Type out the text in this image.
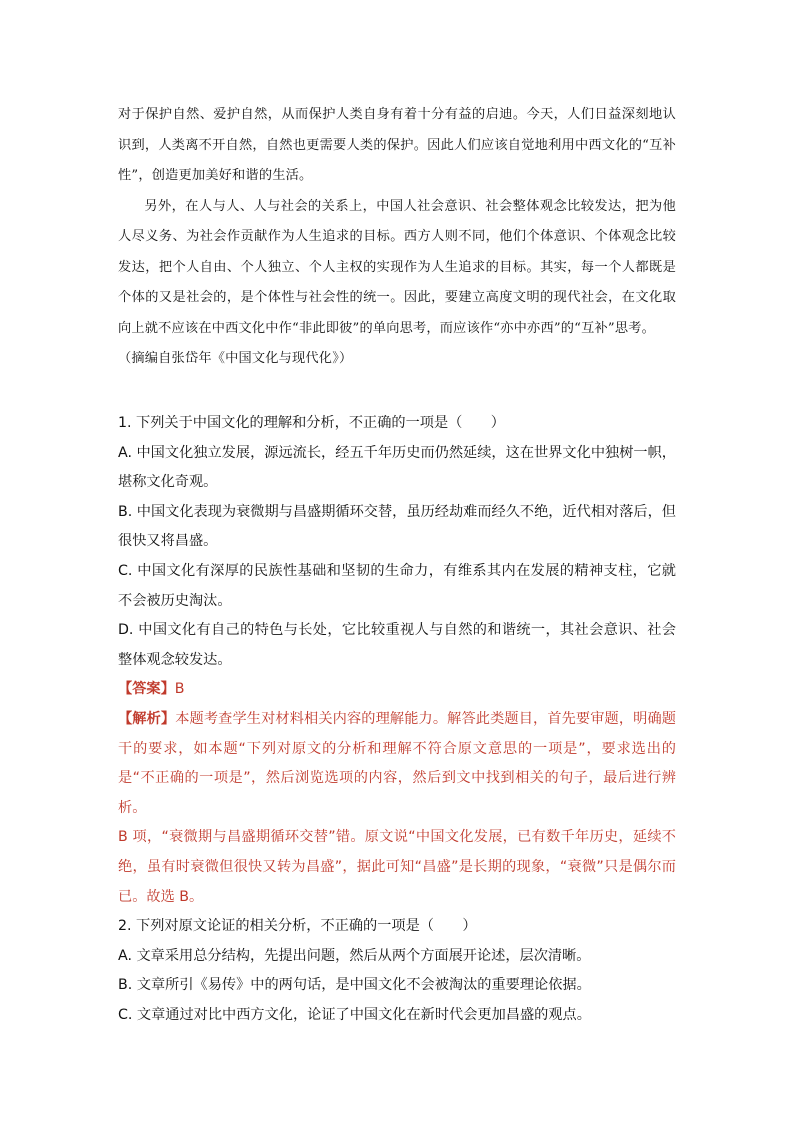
对于保护自然、爱护自然，从而保护人类自身有着十分有益的启迪。今天，人们日益深刻地认识到，人类离不开自然，自然也更需要人类的保护。因此人们应该自觉地利用中西文化的“互补性”，创造更加美好和谐的生活。

另外，在人与人、人与社会的关系上，中国人社会意识、社会整体观念比较发达，把为他人尽义务、为社会作贡献作为人生追求的目标。西方人则不同，他们个体意识、个体观念比较发达，把个人自由、个人独立、个人主权的实现作为人生追求的目标。其实，每一个人都既是个体的又是社会的，是个体性与社会性的统一。因此，要建立高度文明的现代社会，在文化取向上就不应该在中西文化中作“非此即彼”的单向思考，而应该作“亦中亦西”的“互补”思考。

（摘编自张岱年《中国文化与现代化》）

1. 下列关于中国文化的理解和分析，不正确的一项是（　　）

A. 中国文化独立发展，源远流长，经五千年历史而仍然延续，这在世界文化中独树一帜，堪称文化奇观。

B. 中国文化表现为衰微期与昌盛期循环交替，虽历经劫难而经久不绝，近代相对落后，但很快又将昌盛。

C. 中国文化有深厚的民族性基础和坚韧的生命力，有维系其内在发展的精神支柱，它就不会被历史淘汰。

D. 中国文化有自己的特色与长处，它比较重视人与自然的和谐统一，其社会意识、社会整体观念较发达。

【答案】B

【解析】本题考查学生对材料相关内容的理解能力。解答此类题目，首先要审题，明确题干的要求，如本题“下列对原文的分析和理解不符合原文意思的一项是”，要求选出的是“不正确的一项是”，然后浏览选项的内容，然后到文中找到相关的句子，最后进行辨析。

B 项，“衰微期与昌盛期循环交替”错。原文说“中国文化发展，已有数千年历史，延续不绝，虽有时衰微但很快又转为昌盛”，据此可知“昌盛”是长期的现象，“衰微”只是偶尔而已。故选 B。

2. 下列对原文论证的相关分析，不正确的一项是（　　）

A. 文章采用总分结构，先提出问题，然后从两个方面展开论述，层次清晰。

B. 文章所引《易传》中的两句话，是中国文化不会被淘汰的重要理论依据。

C. 文章通过对比中西方文化，论证了中国文化在新时代会更加昌盛的观点。
